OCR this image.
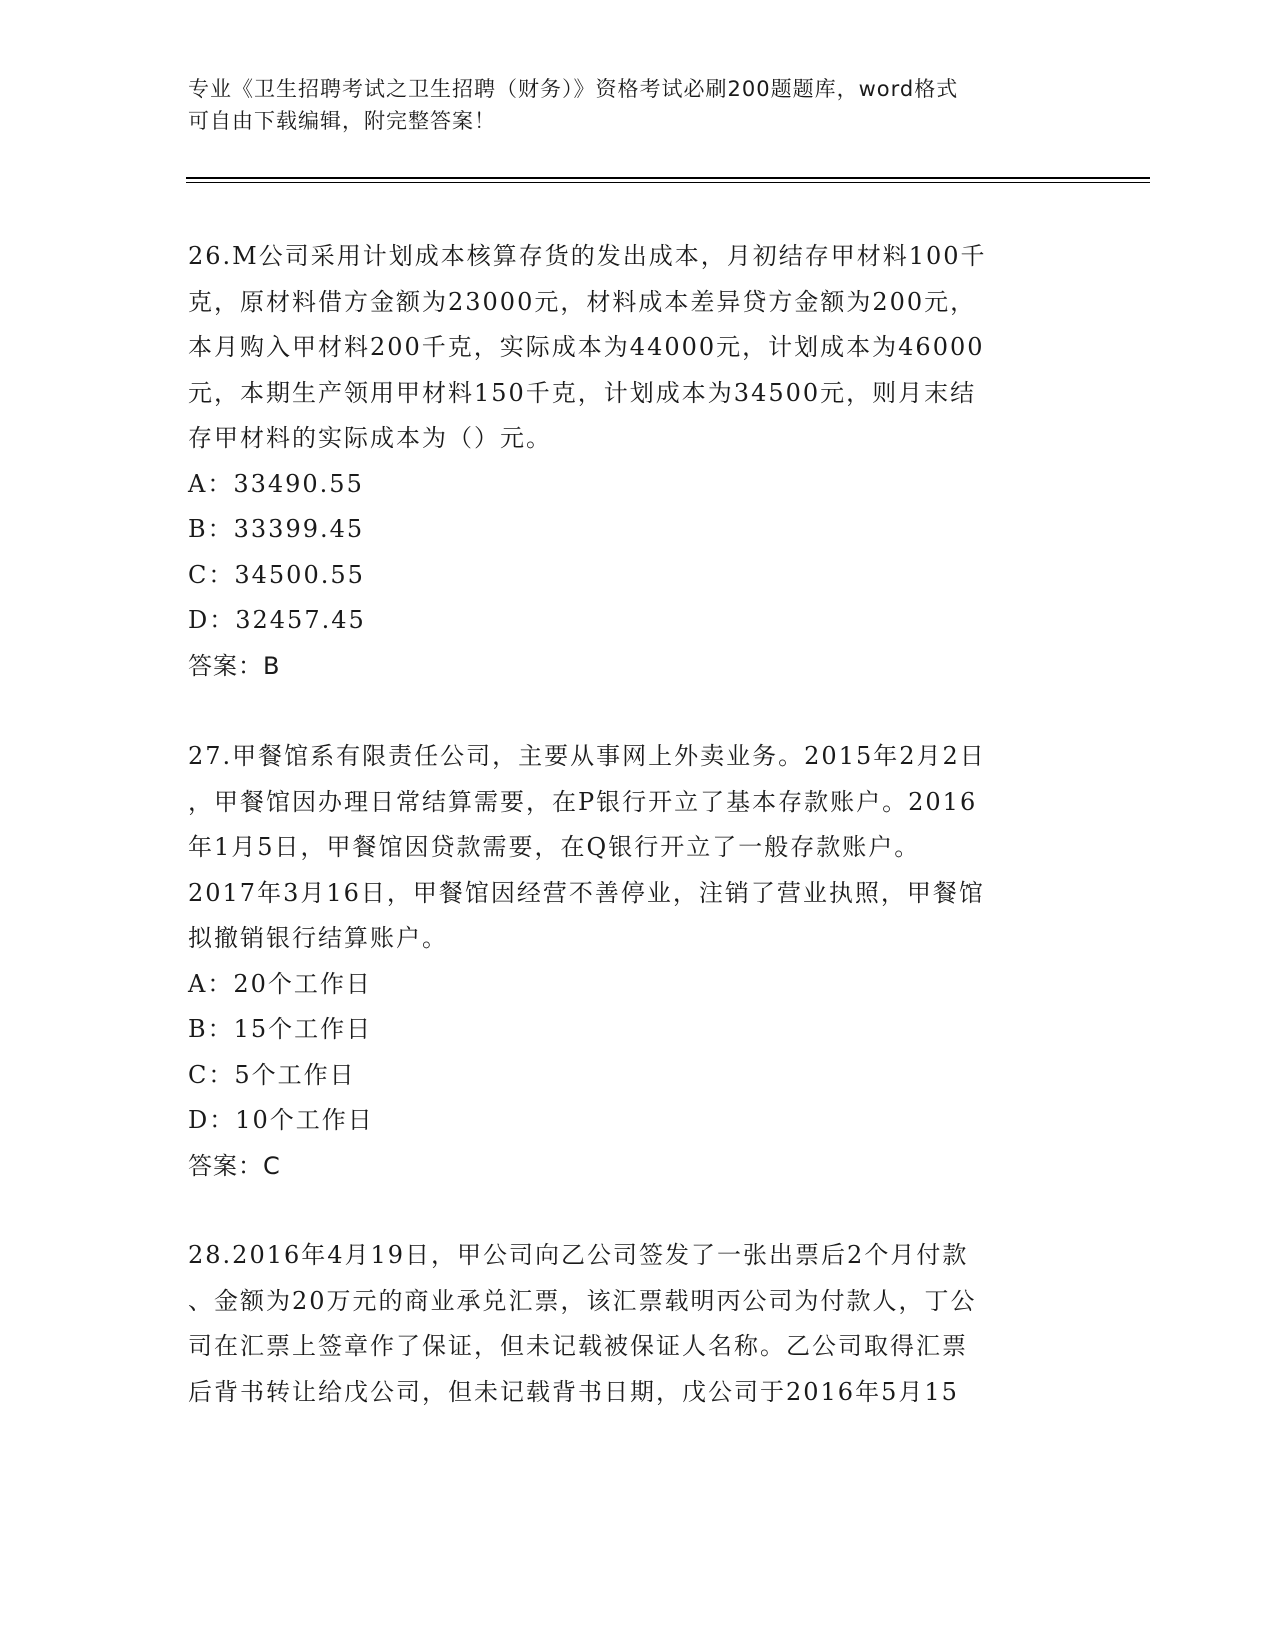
专业《卫生招聘考试之卫生招聘（财务）》资格考试必刷200题题库，word格式
可自由下载编辑，附完整答案！
26.M公司采用计划成本核算存货的发出成本，月初结存甲材料100千
克，原材料借方金额为23000元，材料成本差异贷方金额为200元，
本月购入甲材料200千克，实际成本为44000元，计划成本为46000
元，本期生产领用甲材料150千克，计划成本为34500元，则月末结
存甲材料的实际成本为（）元。
A：33490.55
B：33399.45
C：34500.55
D：32457.45
答案：B
27.甲餐馆系有限责任公司，主要从事网上外卖业务。2015年2月2日
，甲餐馆因办理日常结算需要，在P银行开立了基本存款账户。2016
年1月5日，甲餐馆因贷款需要，在Q银行开立了一般存款账户。
2017年3月16日，甲餐馆因经营不善停业，注销了营业执照，甲餐馆
拟撤销银行结算账户。
A：20个工作日
B：15个工作日
C：5个工作日
D：10个工作日
答案：C
28.2016年4月19日，甲公司向乙公司签发了一张出票后2个月付款
、金额为20万元的商业承兑汇票，该汇票载明丙公司为付款人，丁公
司在汇票上签章作了保证，但未记载被保证人名称。乙公司取得汇票
后背书转让给戊公司，但未记载背书日期，戊公司于2016年5月15
